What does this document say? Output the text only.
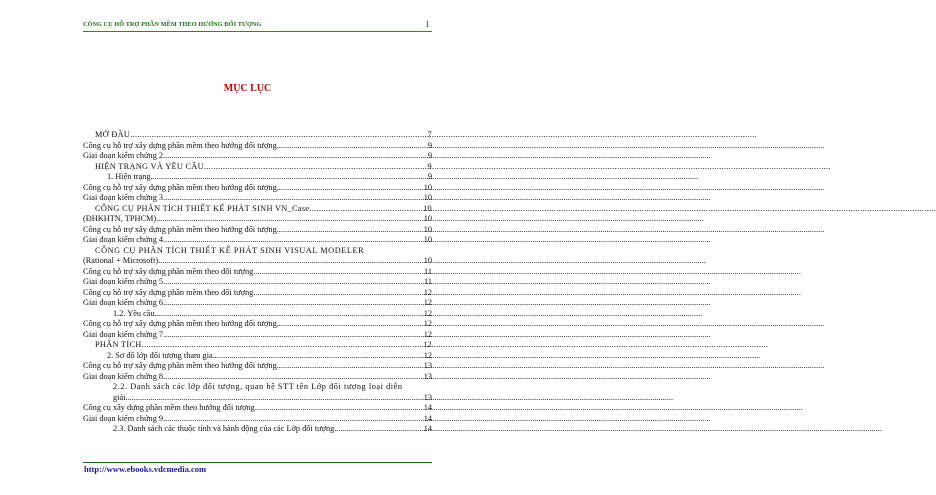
CÔNG CỤ HỖ TRỢ PHẦN MỀM THEO HƯỚNG ĐỐI TƯỢNG	1
MỤC LỤC
MỞ ĐẦU .....	7
Công cụ hỗ trợ xây dựng phần mềm theo hướng đối tượng .....	9
Giai đoạn kiểm chứng 2 .....	9
HIỆN TRẠNG VÀ YÊU CẦU .....	9
1. Hiện trạng .....	9
Công cụ hỗ trợ xây dựng phần mềm theo hướng đối tượng .....	10
Giai đoạn kiểm chứng 3 .....	10
CÔNG CỤ PHÂN TÍCH THIẾT KẾ PHÁT SINH VN_Case .....	10
(ĐHKHTN, TPHCM) .....	10
Công cụ hỗ trợ xây dựng phần mềm theo hướng đối tượng .....	10
Giai đoạn kiểm chứng 4 .....	10
CÔNG CỤ PHÂN TÍCH THIẾT KẾ PHÁT SINH VISUAL MODELER
(Rational + Microsoft) .....	10
Công cụ hỗ trợ xây dựng phần mềm theo đối tượng .....	11
Giai đoạn kiểm chứng 5 .....	11
Công cụ hỗ trợ xây dựng phần mềm theo đối tượng .....	12
Giai đoạn kiểm chứng 6 .....	12
1.2. Yêu cầu .....	12
Công cụ hỗ trợ xây dựng phần mềm theo hướng đối tượng .....	12
Giai đoạn kiểm chứng 7 .....	12
PHÂN TÍCH .....	12
2. Sơ đồ lớp đối tượng tham gia .....	12
Công cụ hỗ trợ xây dựng phần mềm theo hướng đối tượng .....	13
Giai đoạn kiểm chứng 8 .....	13
2.2. Danh sách các lớp đối tượng, quan hệ STT tên Lớp đối tượng loại diễn
giải .....	13
Công cụ xây dựng phần mềm theo hướng đối tượng .....	14
Giai đoạn kiểm chứng 9 .....	14
2.3. Danh sách các thuộc tính và hành động của các Lớp đối tượng .....	14
http://www.ebooks.vdcmedia.com
